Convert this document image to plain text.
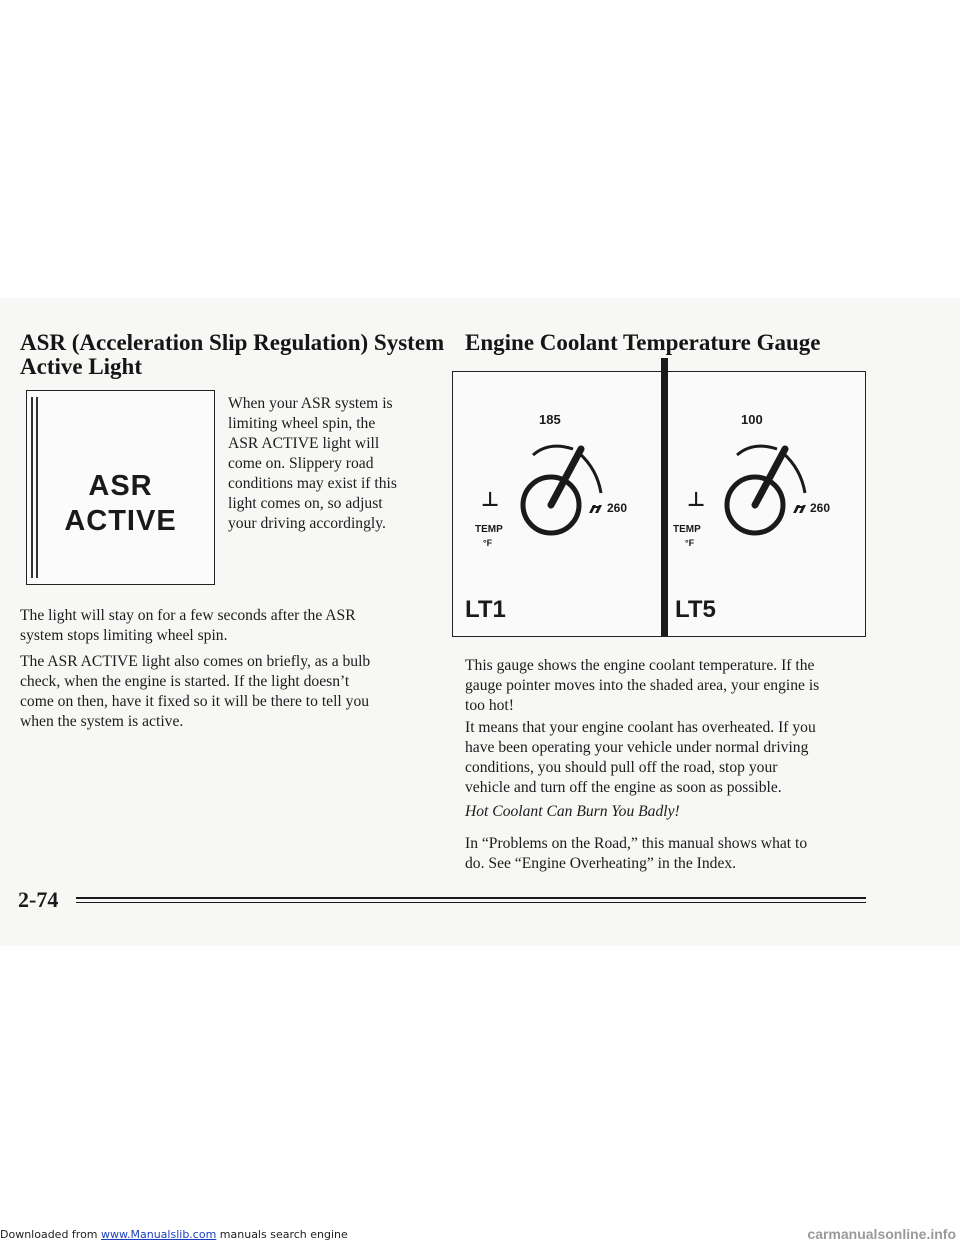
ASR (Acceleration Slip Regulation) System
Active Light
ASR
ACTIVE

When your ASR system is

limiting wheel spin, the

ASR ACTIVE light will

come on. Slippery road

conditions may exist if this

light comes on, so adjust

your driving accordingly.

The light will stay on for a few seconds after the ASR

system stops limiting wheel spin.

The ASR ACTIVE light also comes on briefly, as a bulb

check, when the engine is started. If the light doesn’t

come on then, have it fixed so it will be there to tell you

when the system is active.

Engine Coolant Temperature Gauge
185
260
⊥
TEMP
°F
LT1
100
260
⊥
TEMP
°F
LT5

This gauge shows the engine coolant temperature. If the

gauge pointer moves into the shaded area, your engine is

too hot!

It means that your engine coolant has overheated. If you

have been operating your vehicle under normal driving

conditions, you should pull off the road, stop your

vehicle and turn off the engine as soon as possible.

Hot Coolant Can Burn You Badly!

In “Problems on the Road,” this manual shows what to

do. See “Engine Overheating” in the Index.

2-74
Downloaded from www.Manualslib.com manuals search engine	carmanualsonline.info
